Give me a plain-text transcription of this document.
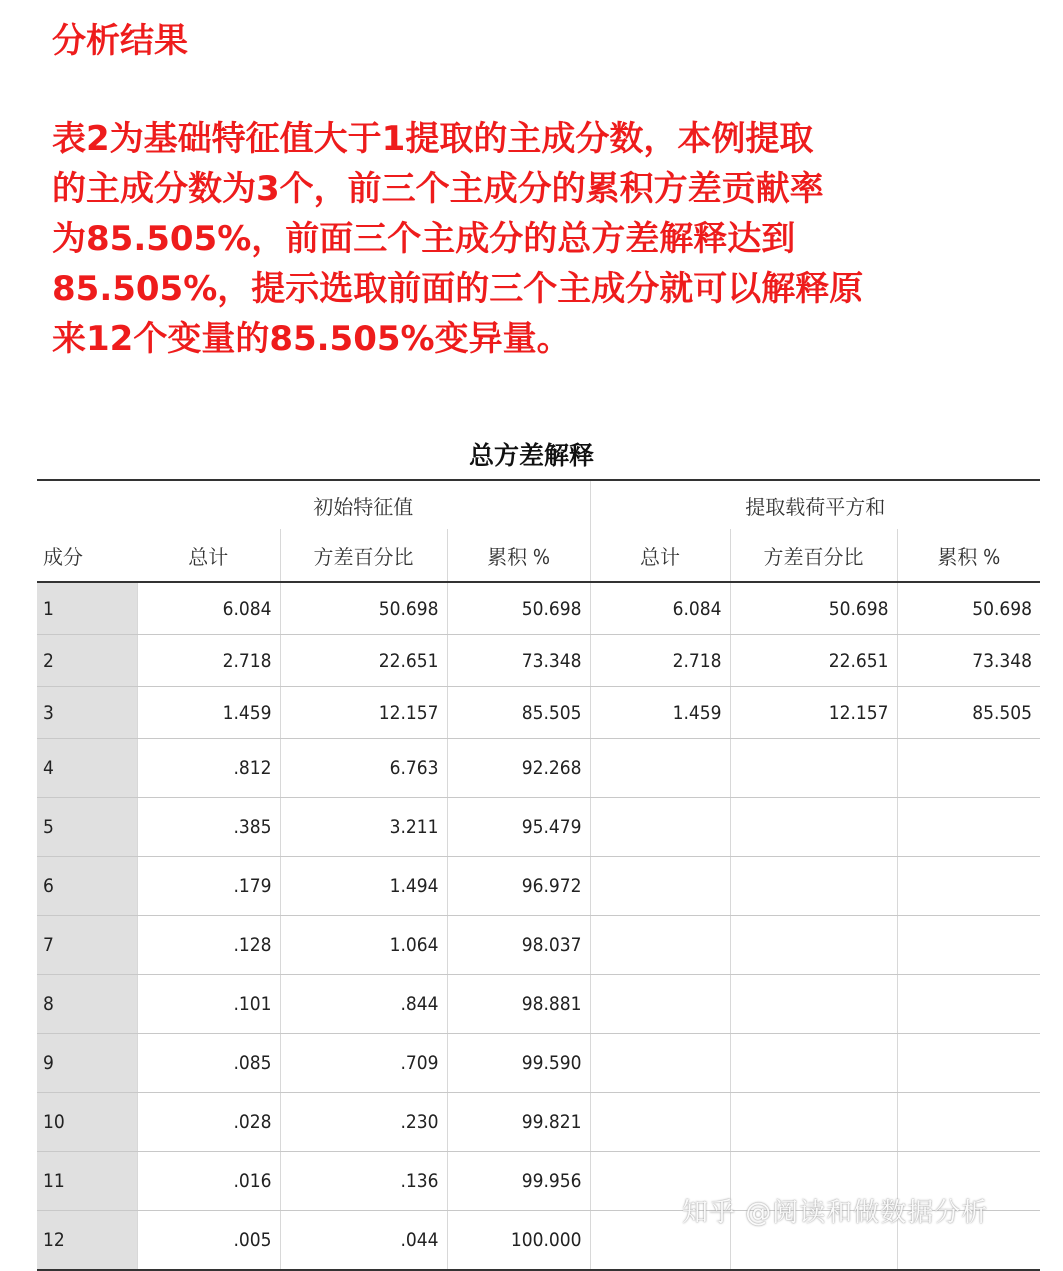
分析结果
表2为基础特征值大于1提取的主成分数，本例提取
的主成分数为3个，前三个主成分的累积方差贡献率
为85.505%，前面三个主成分的总方差解释达到
85.505%，提示选取前面的三个主成分就可以解释原
来12个变量的85.505%变异量。
总方差解释
	初始特征值			提取载荷平方和		
成分	总计	方差百分比	累积 %	总计	方差百分比	累积 %
1	6.084	50.698	50.698	6.084	50.698	50.698
2	2.718	22.651	73.348	2.718	22.651	73.348
3	1.459	12.157	85.505	1.459	12.157	85.505
4	.812	6.763	92.268			
5	.385	3.211	95.479			
6	.179	1.494	96.972			
7	.128	1.064	98.037			
8	.101	.844	98.881			
9	.085	.709	99.590			
10	.028	.230	99.821			
11	.016	.136	99.956			
12	.005	.044	100.000			
知乎 @阅读和做数据分析
